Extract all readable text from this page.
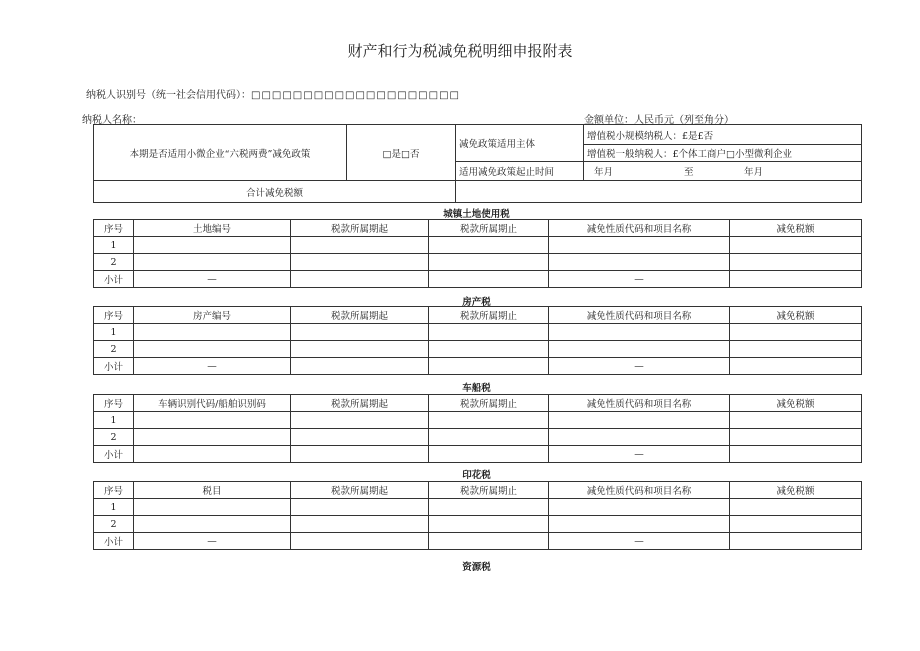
财产和行为税减免税明细申报附表
纳税人识别号（统一社会信用代码）：□□□□□□□□□□□□□□□□□□□□
纳税人名称：	金额单位：人民币元（列至角分）
本期是否适用小微企业“六税两费”减免政策	□是□否	减免政策适用主体	增值税小规模纳税人：£是£否
			增值税一般纳税人：£个体工商户□小型微利企业
		适用减免政策起止时间	年月 至 年月
合计减免税额			
城镇土地使用税
序号	土地编号	税款所属期起	税款所属期止	减免性质代码和项目名称	减免税额
1					
2					
小计	—			—	
房产税
序号	房产编号	税款所属期起	税款所属期止	减免性质代码和项目名称	减免税额
1					
2					
小计	—			—	
车船税
序号	车辆识别代码/船舶识别码	税款所属期起	税款所属期止	减免性质代码和项目名称	减免税额
1					
2					
小计				—	
印花税
序号	税目	税款所属期起	税款所属期止	减免性质代码和项目名称	减免税额
1					
2					
小计	—			—	
资源税
